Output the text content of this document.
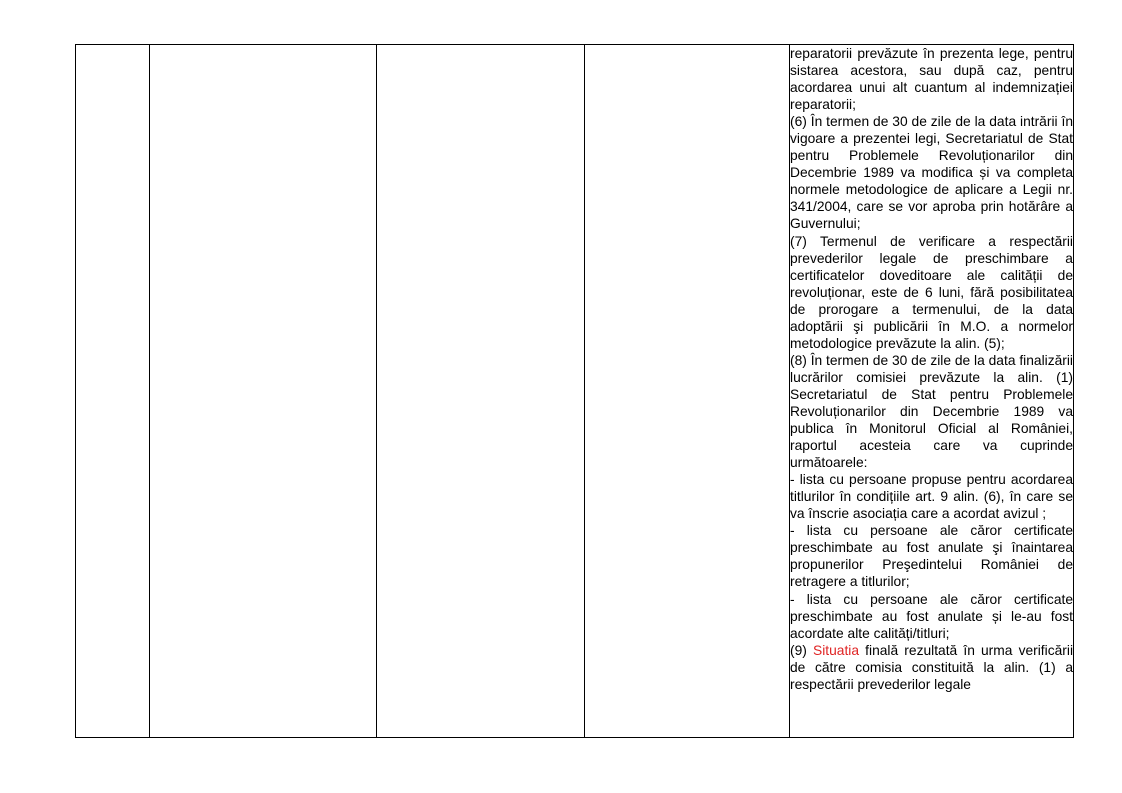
reparatorii prevăzute în prezenta lege, pentru sistarea acestora, sau după caz, pentru acordarea unui alt cuantum al indemnizației reparatorii;
(6) În termen de 30 de zile de la data intrării în vigoare a prezentei legi, Secretariatul de Stat pentru Problemele Revoluționarilor din Decembrie 1989 va modifica și va completa normele metodologice de aplicare a Legii nr. 341/2004, care se vor aproba prin hotărâre a Guvernului;
(7) Termenul de verificare a respectării prevederilor legale de preschimbare a certificatelor doveditoare ale calității de revoluționar, este de 6 luni, fără posibilitatea de prorogare a termenului, de la data adoptării şi publicării în M.O. a normelor metodologice prevăzute la alin. (5);
(8) În termen de 30 de zile de la data finalizării lucrărilor comisiei prevăzute la alin. (1) Secretariatul de Stat pentru Problemele Revoluționarilor din Decembrie 1989 va publica în Monitorul Oficial al României, raportul acesteia care va cuprinde următoarele:
- lista cu persoane propuse pentru acordarea titlurilor în condițiile art. 9 alin. (6), în care se va înscrie asociația care a acordat avizul ;
- lista cu persoane ale căror certificate preschimbate au fost anulate şi înaintarea propunerilor Preşedintelui României de retragere a titlurilor;
- lista cu persoane ale căror certificate preschimbate au fost anulate și le-au fost acordate alte calități/titluri;
(9) Situatia finală rezultată în urma verificării de către comisia constituită la alin. (1) a respectării prevederilor legale
